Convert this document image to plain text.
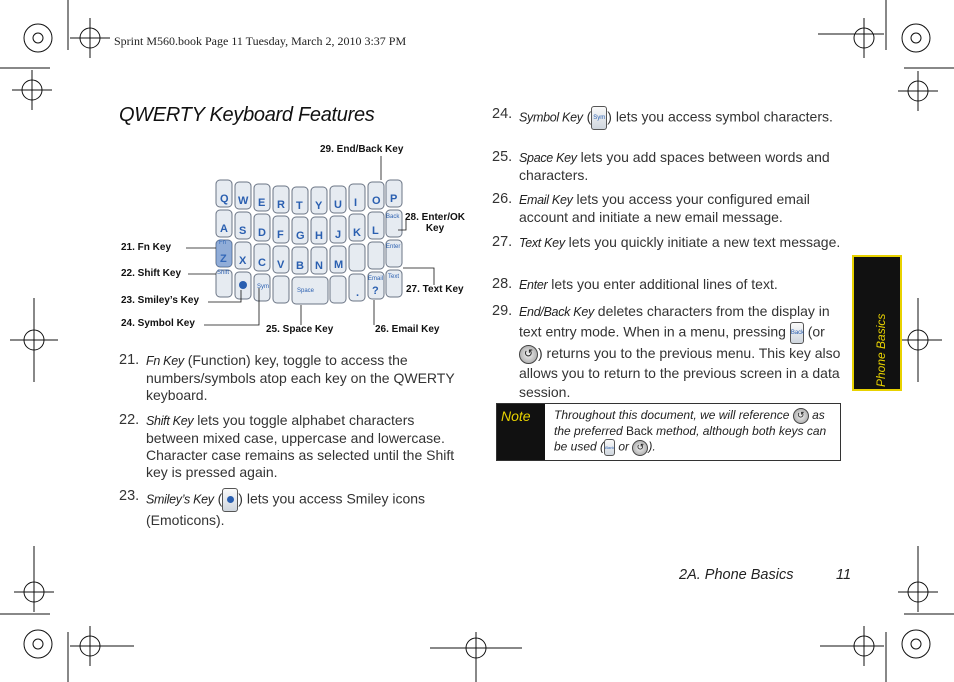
Sprint M560.book Page 11 Tuesday, March 2, 2010 3:37 PM
QWERTY Keyboard Features
Q W E R T Y U I O P
A S D F G H J K L
X C V B N M
. ?
Shift
Sym
Space
Back
Enter
Email Text
29. End/Back Key
28. Enter/OK Key
21. Fn Key
22. Shift Key
23. Smiley’s Key
24. Symbol Key
25. Space Key	26. Email Key
27. Text Key
21. Fn Key (Function) key, toggle to access the numbers/symbols atop each key on the QWERTY keyboard.
22. Shift Key lets you toggle alphabet characters between mixed case, uppercase and lowercase. Character case remains as selected until the Shift key is pressed again.
23. Smiley’s Key ( ) lets you access Smiley icons (Emoticons).
24. Symbol Key ( Sym ) lets you access symbol characters.
25. Space Key lets you add spaces between words and characters.
26. Email Key lets you access your configured email account and initiate a new email message.
27. Text Key lets you quickly initiate a new text message.
28. Enter lets you enter additional lines of text.
29. End/Back Key deletes characters from the display in text entry mode. When in a menu, pressing Back (or ↺ ) returns you to the previous menu. This key also allows you to return to the previous screen in a data session.
Note	Throughout this document, we will reference ↺ as the preferred Back method, although both keys can be used (Back or ↺ ).
Phone Basics
2A. Phone Basics	11
